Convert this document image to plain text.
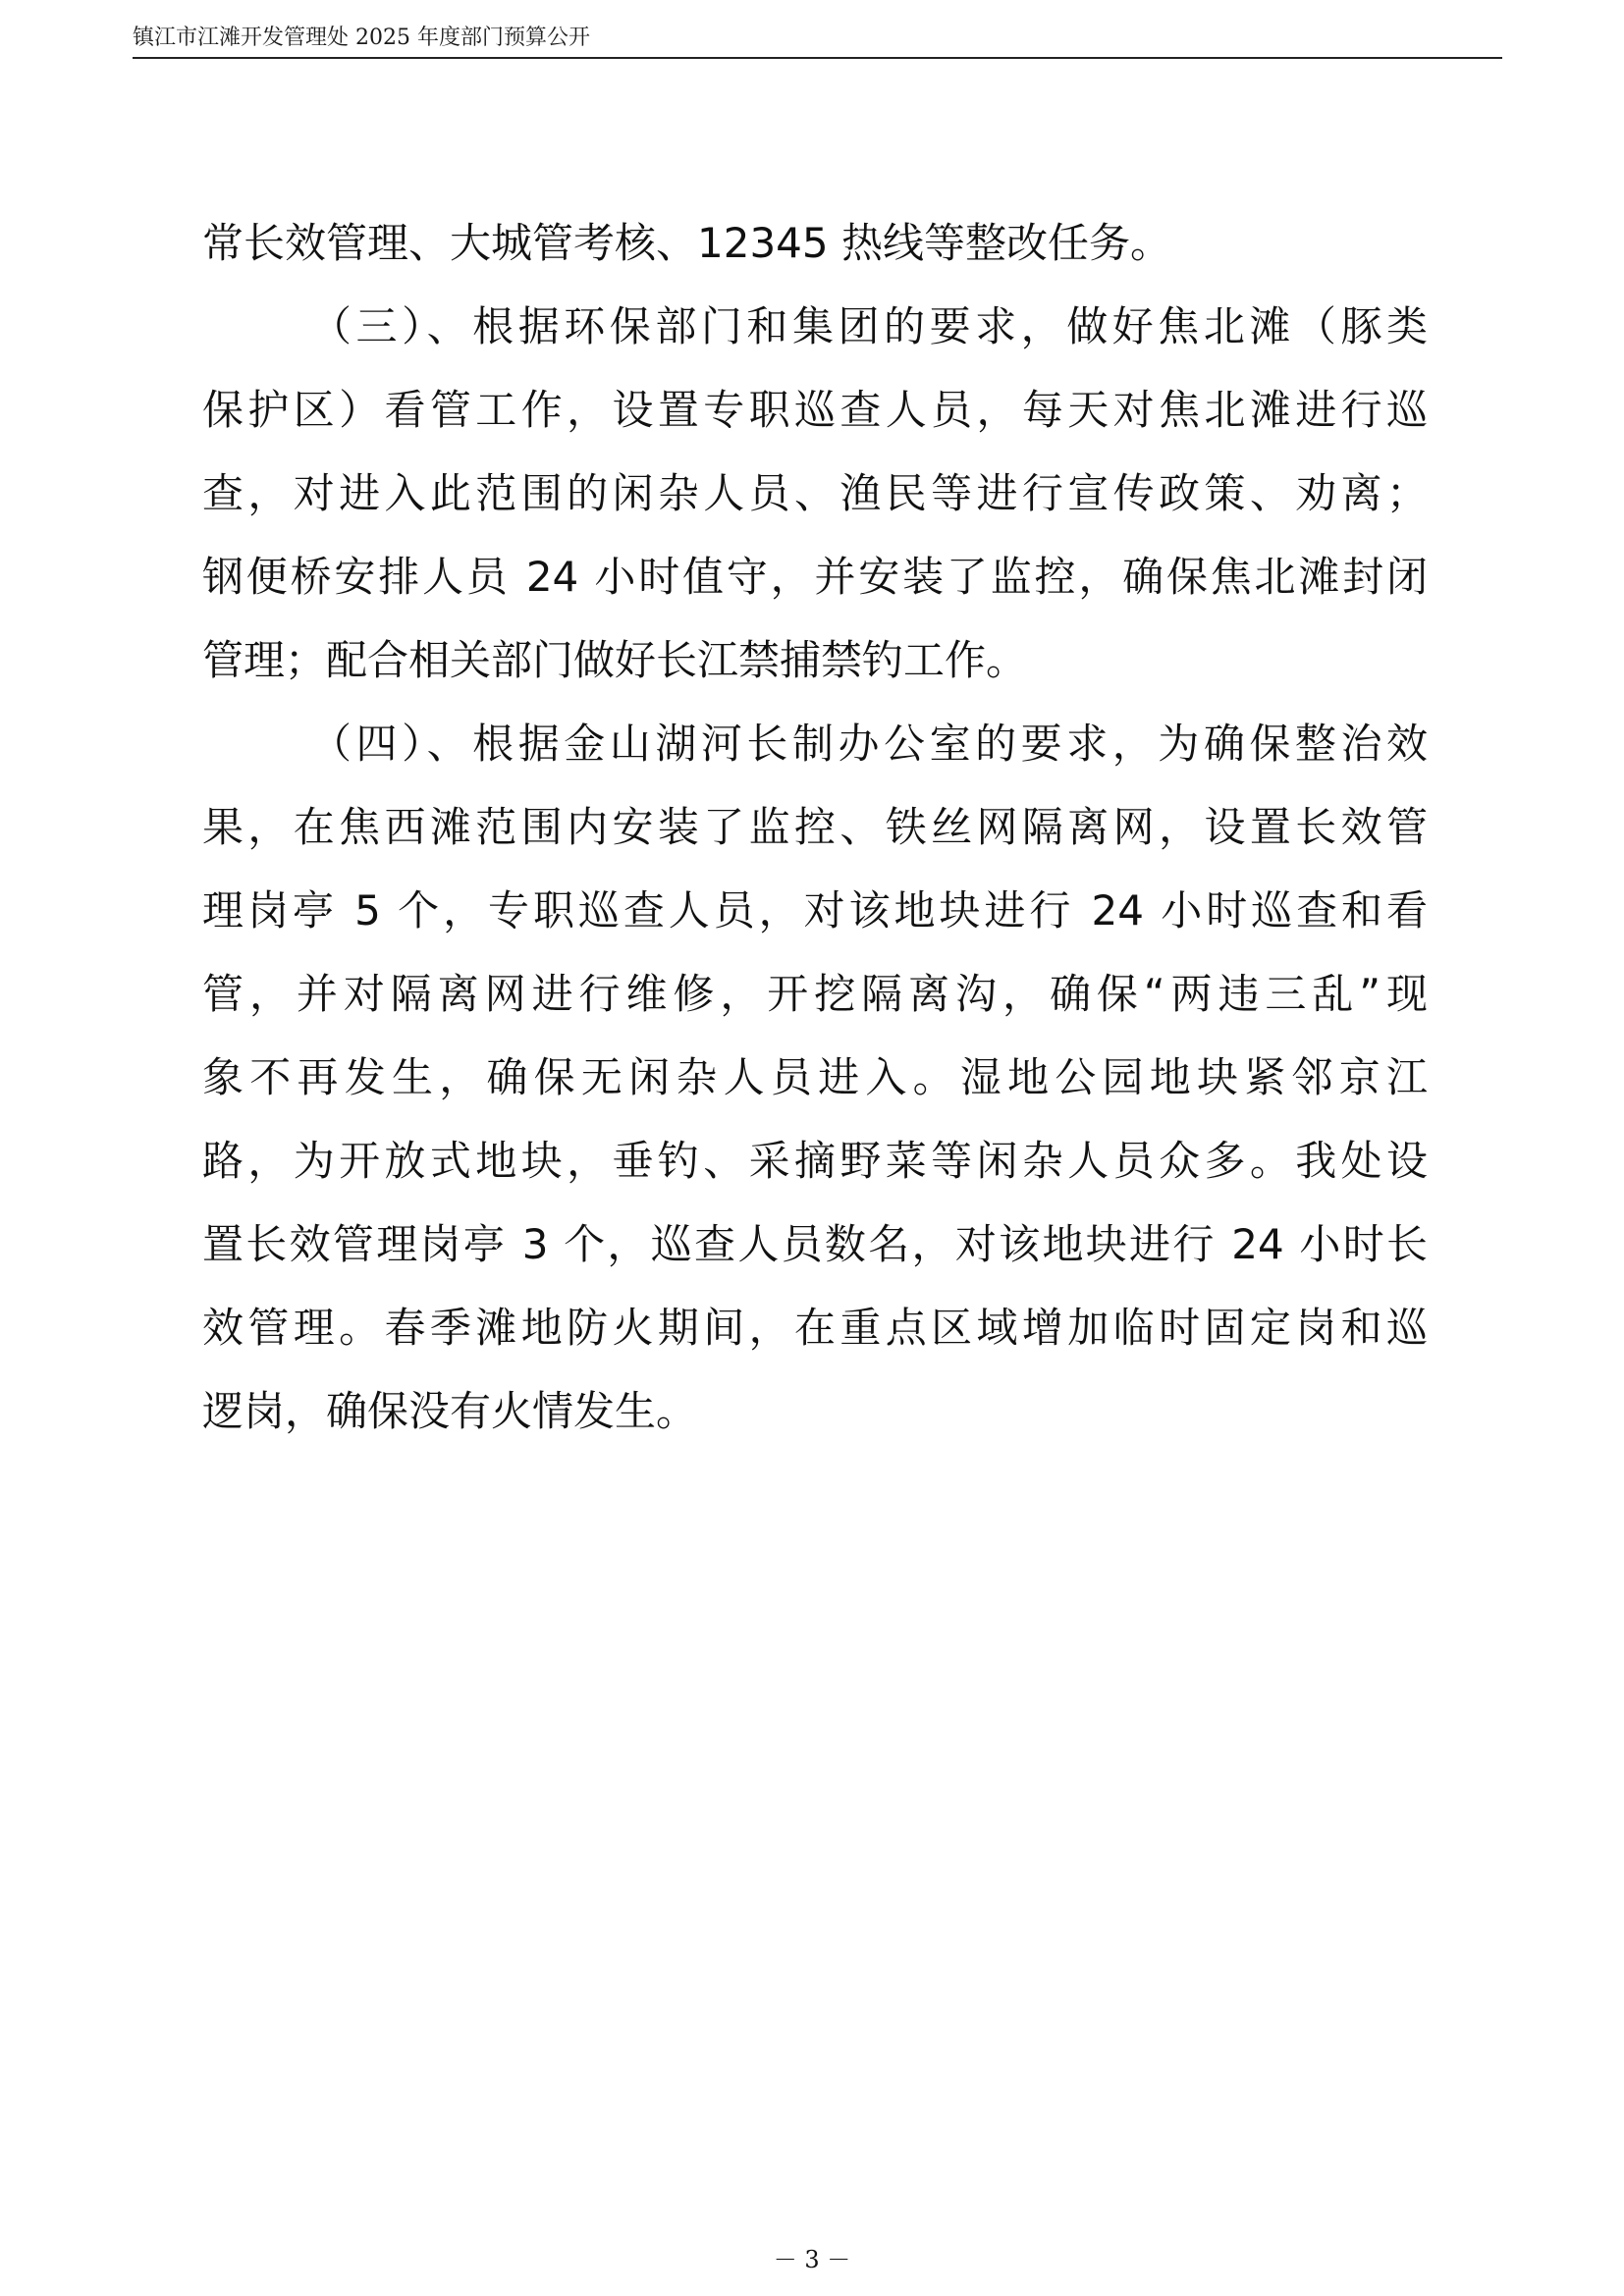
镇江市江滩开发管理处 2025 年度部门预算公开
常长效管理、大城管考核、12345 热线等整改任务。
（三）、根据环保部门和集团的要求，做好焦北滩（豚类
保护区）看管工作，设置专职巡查人员，每天对焦北滩进行巡
查，对进入此范围的闲杂人员、渔民等进行宣传政策、劝离；
钢便桥安排人员 24 小时值守，并安装了监控，确保焦北滩封闭
管理；配合相关部门做好长江禁捕禁钓工作。
（四）、根据金山湖河长制办公室的要求，为确保整治效
果，在焦西滩范围内安装了监控、铁丝网隔离网，设置长效管
理岗亭 5 个，专职巡查人员，对该地块进行 24 小时巡查和看
管，并对隔离网进行维修，开挖隔离沟，确保“两违三乱”现
象不再发生，确保无闲杂人员进入。湿地公园地块紧邻京江
路，为开放式地块，垂钓、采摘野菜等闲杂人员众多。我处设
置长效管理岗亭 3 个，巡查人员数名，对该地块进行 24 小时长
效管理。春季滩地防火期间，在重点区域增加临时固定岗和巡
逻岗，确保没有火情发生。
－ 3 －
